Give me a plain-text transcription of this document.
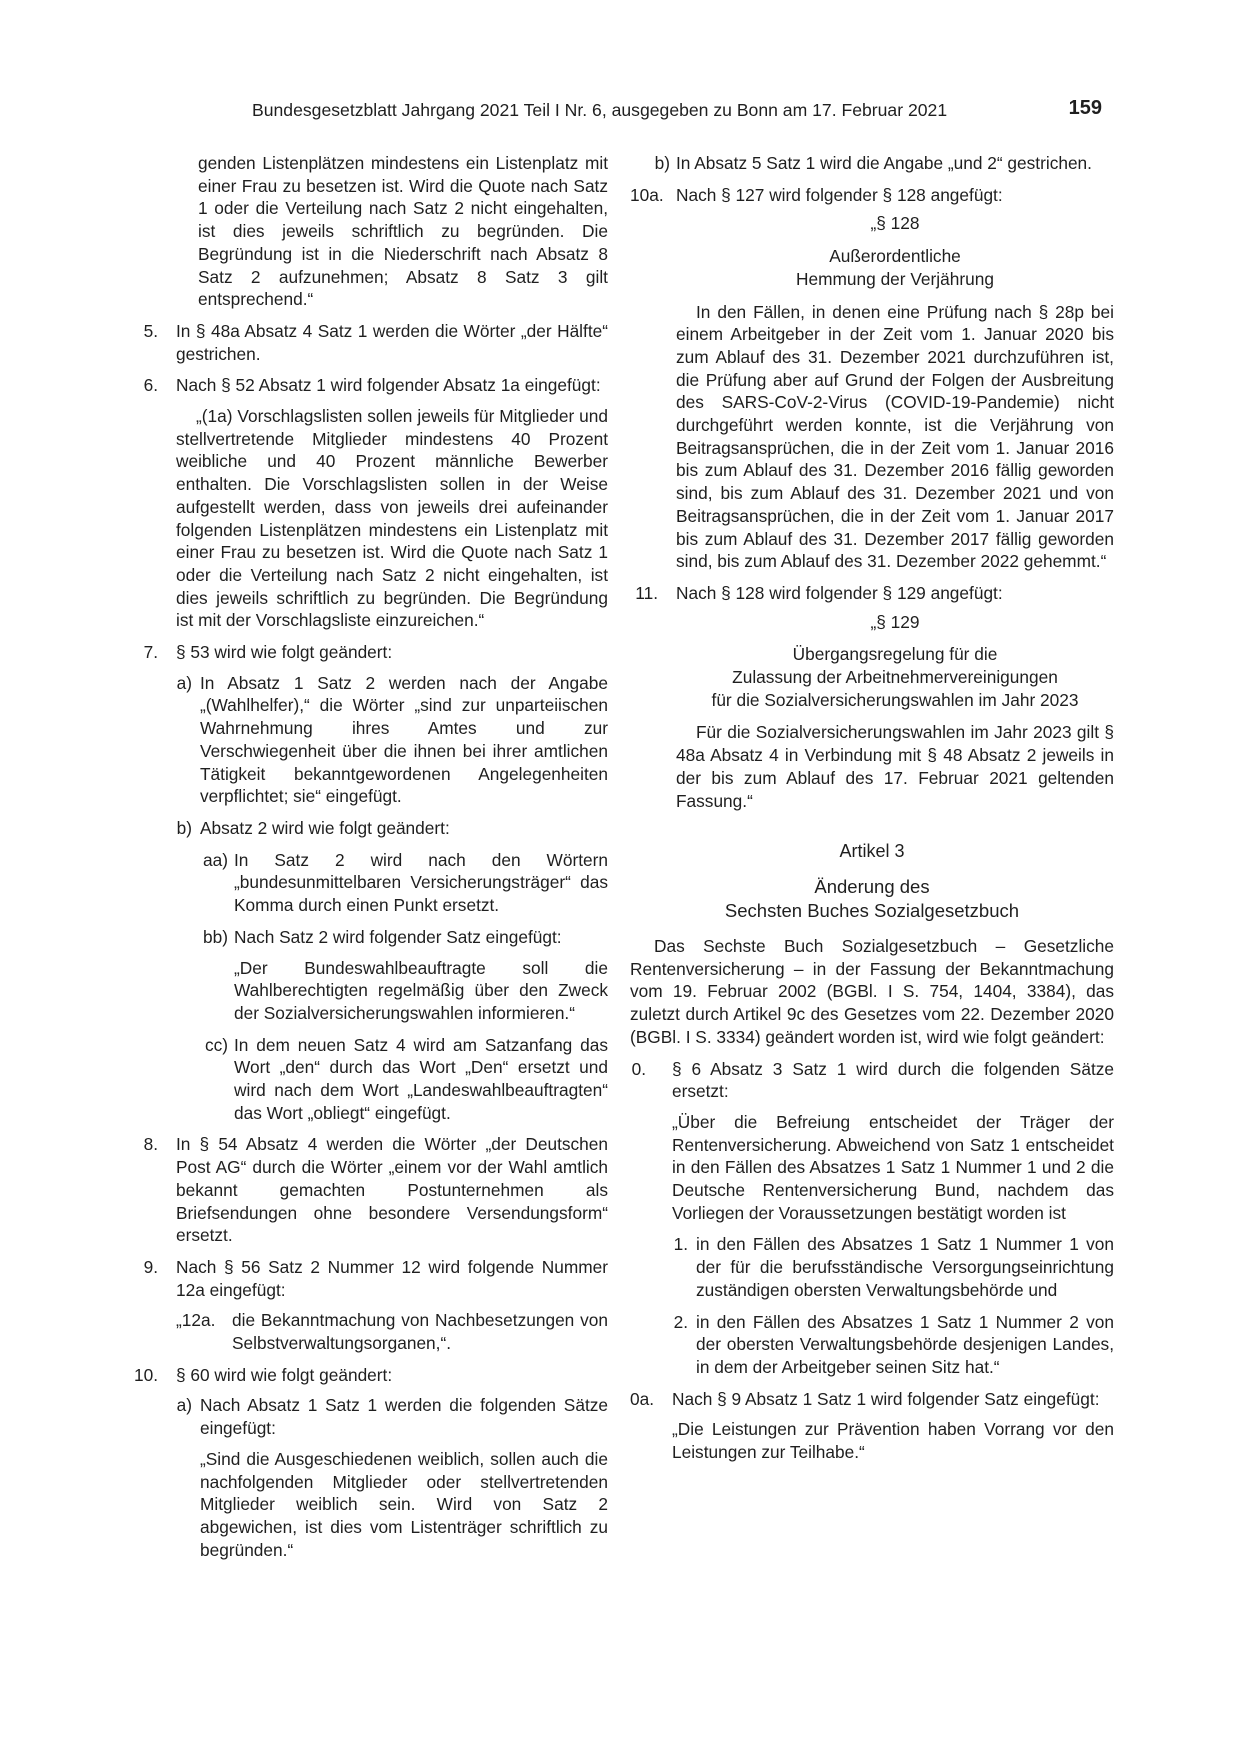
Bundesgesetzblatt Jahrgang 2021 Teil I Nr. 6, ausgegeben zu Bonn am 17. Februar 2021	159

genden Listenplätzen mindestens ein Listenplatz mit einer Frau zu besetzen ist. Wird die Quote nach Satz 1 oder die Verteilung nach Satz 2 nicht eingehalten, ist dies jeweils schriftlich zu begründen. Die Begründung ist in die Niederschrift nach Absatz 8 Satz 2 aufzunehmen; Absatz 8 Satz 3 gilt entsprechend.“

5. In § 48a Absatz 4 Satz 1 werden die Wörter „der Hälfte“ gestrichen.

6. Nach § 52 Absatz 1 wird folgender Absatz 1a eingefügt:

„(1a) Vorschlagslisten sollen jeweils für Mitglieder und stellvertretende Mitglieder mindestens 40 Prozent weibliche und 40 Prozent männliche Bewerber enthalten. Die Vorschlagslisten sollen in der Weise aufgestellt werden, dass von jeweils drei aufeinander folgenden Listenplätzen mindestens ein Listenplatz mit einer Frau zu besetzen ist. Wird die Quote nach Satz 1 oder die Verteilung nach Satz 2 nicht eingehalten, ist dies jeweils schriftlich zu begründen. Die Begründung ist mit der Vorschlagsliste einzureichen.“

7. § 53 wird wie folgt geändert:

a) In Absatz 1 Satz 2 werden nach der Angabe „(Wahlhelfer),“ die Wörter „sind zur unparteiischen Wahrnehmung ihres Amtes und zur Verschwiegenheit über die ihnen bei ihrer amtlichen Tätigkeit bekanntgewordenen Angelegenheiten verpflichtet; sie“ eingefügt.

b) Absatz 2 wird wie folgt geändert:

aa) In Satz 2 wird nach den Wörtern „bundesunmittelbaren Versicherungsträger“ das Komma durch einen Punkt ersetzt.

bb) Nach Satz 2 wird folgender Satz eingefügt:

„Der Bundeswahlbeauftragte soll die Wahlberechtigten regelmäßig über den Zweck der Sozialversicherungswahlen informieren.“

cc) In dem neuen Satz 4 wird am Satzanfang das Wort „den“ durch das Wort „Den“ ersetzt und wird nach dem Wort „Landeswahlbeauftragten“ das Wort „obliegt“ eingefügt.

8. In § 54 Absatz 4 werden die Wörter „der Deutschen Post AG“ durch die Wörter „einem vor der Wahl amtlich bekannt gemachten Postunternehmen als Briefsendungen ohne besondere Versendungsform“ ersetzt.

9. Nach § 56 Satz 2 Nummer 12 wird folgende Nummer 12a eingefügt:

„12a. die Bekanntmachung von Nachbesetzungen von Selbstverwaltungsorganen,“.

10. § 60 wird wie folgt geändert:

a) Nach Absatz 1 Satz 1 werden die folgenden Sätze eingefügt:

„Sind die Ausgeschiedenen weiblich, sollen auch die nachfolgenden Mitglieder oder stellvertretenden Mitglieder weiblich sein. Wird von Satz 2 abgewichen, ist dies vom Listenträger schriftlich zu begründen.“

b) In Absatz 5 Satz 1 wird die Angabe „und 2“ gestrichen.

10a. Nach § 127 wird folgender § 128 angefügt:

„§ 128
Außerordentliche
Hemmung der Verjährung

In den Fällen, in denen eine Prüfung nach § 28p bei einem Arbeitgeber in der Zeit vom 1. Januar 2020 bis zum Ablauf des 31. Dezember 2021 durchzuführen ist, die Prüfung aber auf Grund der Folgen der Ausbreitung des SARS-CoV-2-Virus (COVID-19-Pandemie) nicht durchgeführt werden konnte, ist die Verjährung von Beitragsansprüchen, die in der Zeit vom 1. Januar 2016 bis zum Ablauf des 31. Dezember 2016 fällig geworden sind, bis zum Ablauf des 31. Dezember 2021 und von Beitragsansprüchen, die in der Zeit vom 1. Januar 2017 bis zum Ablauf des 31. Dezember 2017 fällig geworden sind, bis zum Ablauf des 31. Dezember 2022 gehemmt.“

11. Nach § 128 wird folgender § 129 angefügt:

„§ 129
Übergangsregelung für die
Zulassung der Arbeitnehmervereinigungen
für die Sozialversicherungswahlen im Jahr 2023

Für die Sozialversicherungswahlen im Jahr 2023 gilt § 48a Absatz 4 in Verbindung mit § 48 Absatz 2 jeweils in der bis zum Ablauf des 17. Februar 2021 geltenden Fassung.“

Artikel 3
Änderung des
Sechsten Buches Sozialgesetzbuch

Das Sechste Buch Sozialgesetzbuch – Gesetzliche Rentenversicherung – in der Fassung der Bekanntmachung vom 19. Februar 2002 (BGBl. I S. 754, 1404, 3384), das zuletzt durch Artikel 9c des Gesetzes vom 22. Dezember 2020 (BGBl. I S. 3334) geändert worden ist, wird wie folgt geändert:

0. § 6 Absatz 3 Satz 1 wird durch die folgenden Sätze ersetzt:

„Über die Befreiung entscheidet der Träger der Rentenversicherung. Abweichend von Satz 1 entscheidet in den Fällen des Absatzes 1 Satz 1 Nummer 1 und 2 die Deutsche Rentenversicherung Bund, nachdem das Vorliegen der Voraussetzungen bestätigt worden ist

1. in den Fällen des Absatzes 1 Satz 1 Nummer 1 von der für die berufsständische Versorgungseinrichtung zuständigen obersten Verwaltungsbehörde und

2. in den Fällen des Absatzes 1 Satz 1 Nummer 2 von der obersten Verwaltungsbehörde desjenigen Landes, in dem der Arbeitgeber seinen Sitz hat.“

0a.	Nach § 9 Absatz 1 Satz 1 wird folgender Satz eingefügt:

„Die Leistungen zur Prävention haben Vorrang vor den Leistungen zur Teilhabe.“
